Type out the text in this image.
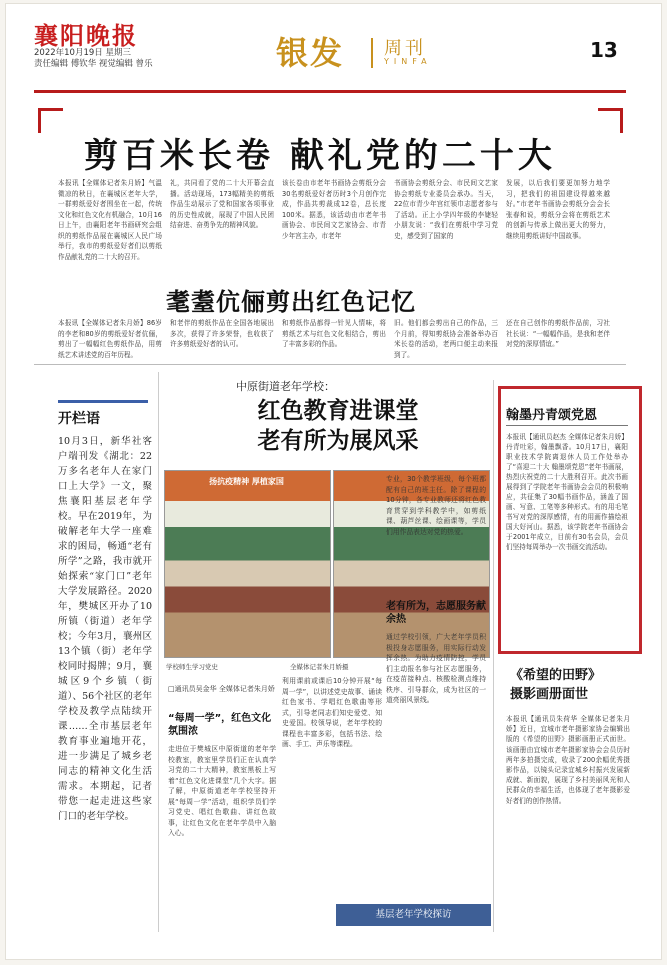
襄阳晚报
2022年10月19日 星期三
责任编辑 傅钦华 视觉编辑 曾乐	银发 周刊
YINFA	13
剪百米长卷 献礼党的二十大
本报讯【全媒体记者朱月娇】气温微凉的秋日，在襄城区老年大学，一群剪纸爱好者围坐在一起，传统文化和红色文化有机融合，10月16日上午，由襄阳老年书画研究会组织的剪纸作品展在襄城区人民广场举行，我市的剪纸爱好者们以剪纸作品献礼党的二十大的召开。
礼，共同看了党的二十大开幕会直播。活动现场，173幅精美的剪纸作品生动展示了党和国家各项事业的历史性成就，展现了中国人民团结奋进、奋勇争先的精神风貌。
该长卷由市老年书画协会剪纸分会30名剪纸爱好者历时3个月创作完成，作品共剪裁成12卷，总长度100米。据悉，该活动由市老年书画协会、市民间文艺家协会、市青少年宫主办，市老年
书画协会剪纸分会、市民间文艺家协会剪纸专业委员会承办。当天，22位市青少年宫红领巾志愿者参与了活动。正上小学四年级的李婕轻小朋友说：“我们在剪纸中学习党史，感受到了国家的
发展，以后我们要更加努力地学习，把我们的祖国建设得越来越好。”市老年书画协会剪纸分会会长张春和说，剪纸分会将在剪纸艺术的创新与传承上做出更大的努力，继续用剪纸讲好中国故事。
耄耋伉俪剪出红色记忆
本报讯【全媒体记者朱月娇】86岁的李老和80岁的剪纸爱好者伉俪，剪出了一幅幅红色剪纸作品，用剪纸艺术讲述党的百年历程。
和老伴的剪纸作品在全国各地展出多次，获得了许多荣誉，也收获了许多剪纸爱好者的认可。
和剪纸作品都得一针见人情味，将剪纸艺术与红色文化相结合，剪出了丰富多彩的作品。
旧。他们都会剪出自己的作品，三个月前，得知剪纸协会准备举办百米长卷的活动，老两口便主动来报到了。
还在自己创作的剪纸作品前，习社社长说：“一幅幅作品，是我和老伴对党的深厚情谊。”
开栏语
10月3日，新华社客户端刊发《湖北：22万多名老年人在家门口上大学》一文，聚焦襄阳基层老年学校。早在2019年，为破解老年大学一座难求的困局，畅通“老有所学”之路，我市就开始探索“家门口”老年大学发展路径。2020年，樊城区开办了10所镇（街道）老年学校；今年3月，襄州区13个镇（街）老年学校同时揭牌；9月，襄城区9个乡镇（街道）、56个社区的老年学校及教学点陆续开课……全市基层老年教育事业遍地开花，进一步满足了城乡老同志的精神文化生活需求。本期起，记者带您一起走进这些家门口的老年学校。
中原街道老年学校：
红色教育进课堂
老有所为展风采
扬抗疫精神 厚植家国
学校师生学习党史	全媒体记者朱月娇摄
□通讯员吴金华 全媒体记者朱月娇
“每周一学”，红色文化氛围浓
走进位于樊城区中原街道的老年学校教室，教室里学员们正在认真学习党的二十大精神，教室黑板上写着“红色文化进课堂”几个大字。据了解，中原街道老年学校坚持开展“每周一学”活动，组织学员们学习党史、唱红色歌曲、讲红色故事，让红色文化在老年学员中入脑入心。
利用课前或课后10分钟开展“每周一学”，以讲述党史故事、诵读红色家书、学唱红色歌曲等形式，引导老同志们知史爱党、知史爱国。校领导说，老年学校的课程也丰富多彩，包括书法、绘画、手工、声乐等课程。
专业，30个教学班级，每个班都配有自己的班主任。除了课程的10分钟，各专业教师还将红色教育贯穿到学科教学中，如剪纸课、葫芦丝课、绘画课等，学员们用作品表达对党的热爱。
老有所为，志愿服务献余热
通过学校引领，广大老年学员积极投身志愿服务，用实际行动发挥余热。为助力疫情防控，学员们主动报名参与社区志愿服务，在疫苗接种点、核酸检测点维持秩序、引导群众，成为社区的一道亮丽风景线。
基层老年学校探访
翰墨丹青颂党恩
本报讯【通讯员赵杰 全媒体记者朱月娇】丹青吐彩，翰墨飘香。10月17日，襄阳职业技术学院离退休人员工作处举办了“喜迎二十大 翰墨颂党恩”老年书画展，热烈庆祝党的二十大胜利召开。此次书画展得到了学院老年书画协会会员的积极响应，共征集了30幅书画作品，涵盖了国画、写意、工笔等多种形式。有的用毛笔书写对党的深厚感情，有的用画作描绘祖国大好河山。据悉，该学院老年书画协会于2001年成立，目前有30名会员，会员们坚持每周举办一次书画交流活动。
《希望的田野》
摄影画册面世
本报讯【通讯员朱荷华 全媒体记者朱月娇】近日，宜城市老年摄影家协会编辑出版的《希望的田野》摄影画册正式面世。该画册由宜城市老年摄影家协会会员历时两年多拍摄完成，收录了200余幅优秀摄影作品，以镜头记录宜城乡村振兴发展新成就、新面貌，展现了乡村美丽风光和人民群众的幸福生活，也体现了老年摄影爱好者们的创作热情。
